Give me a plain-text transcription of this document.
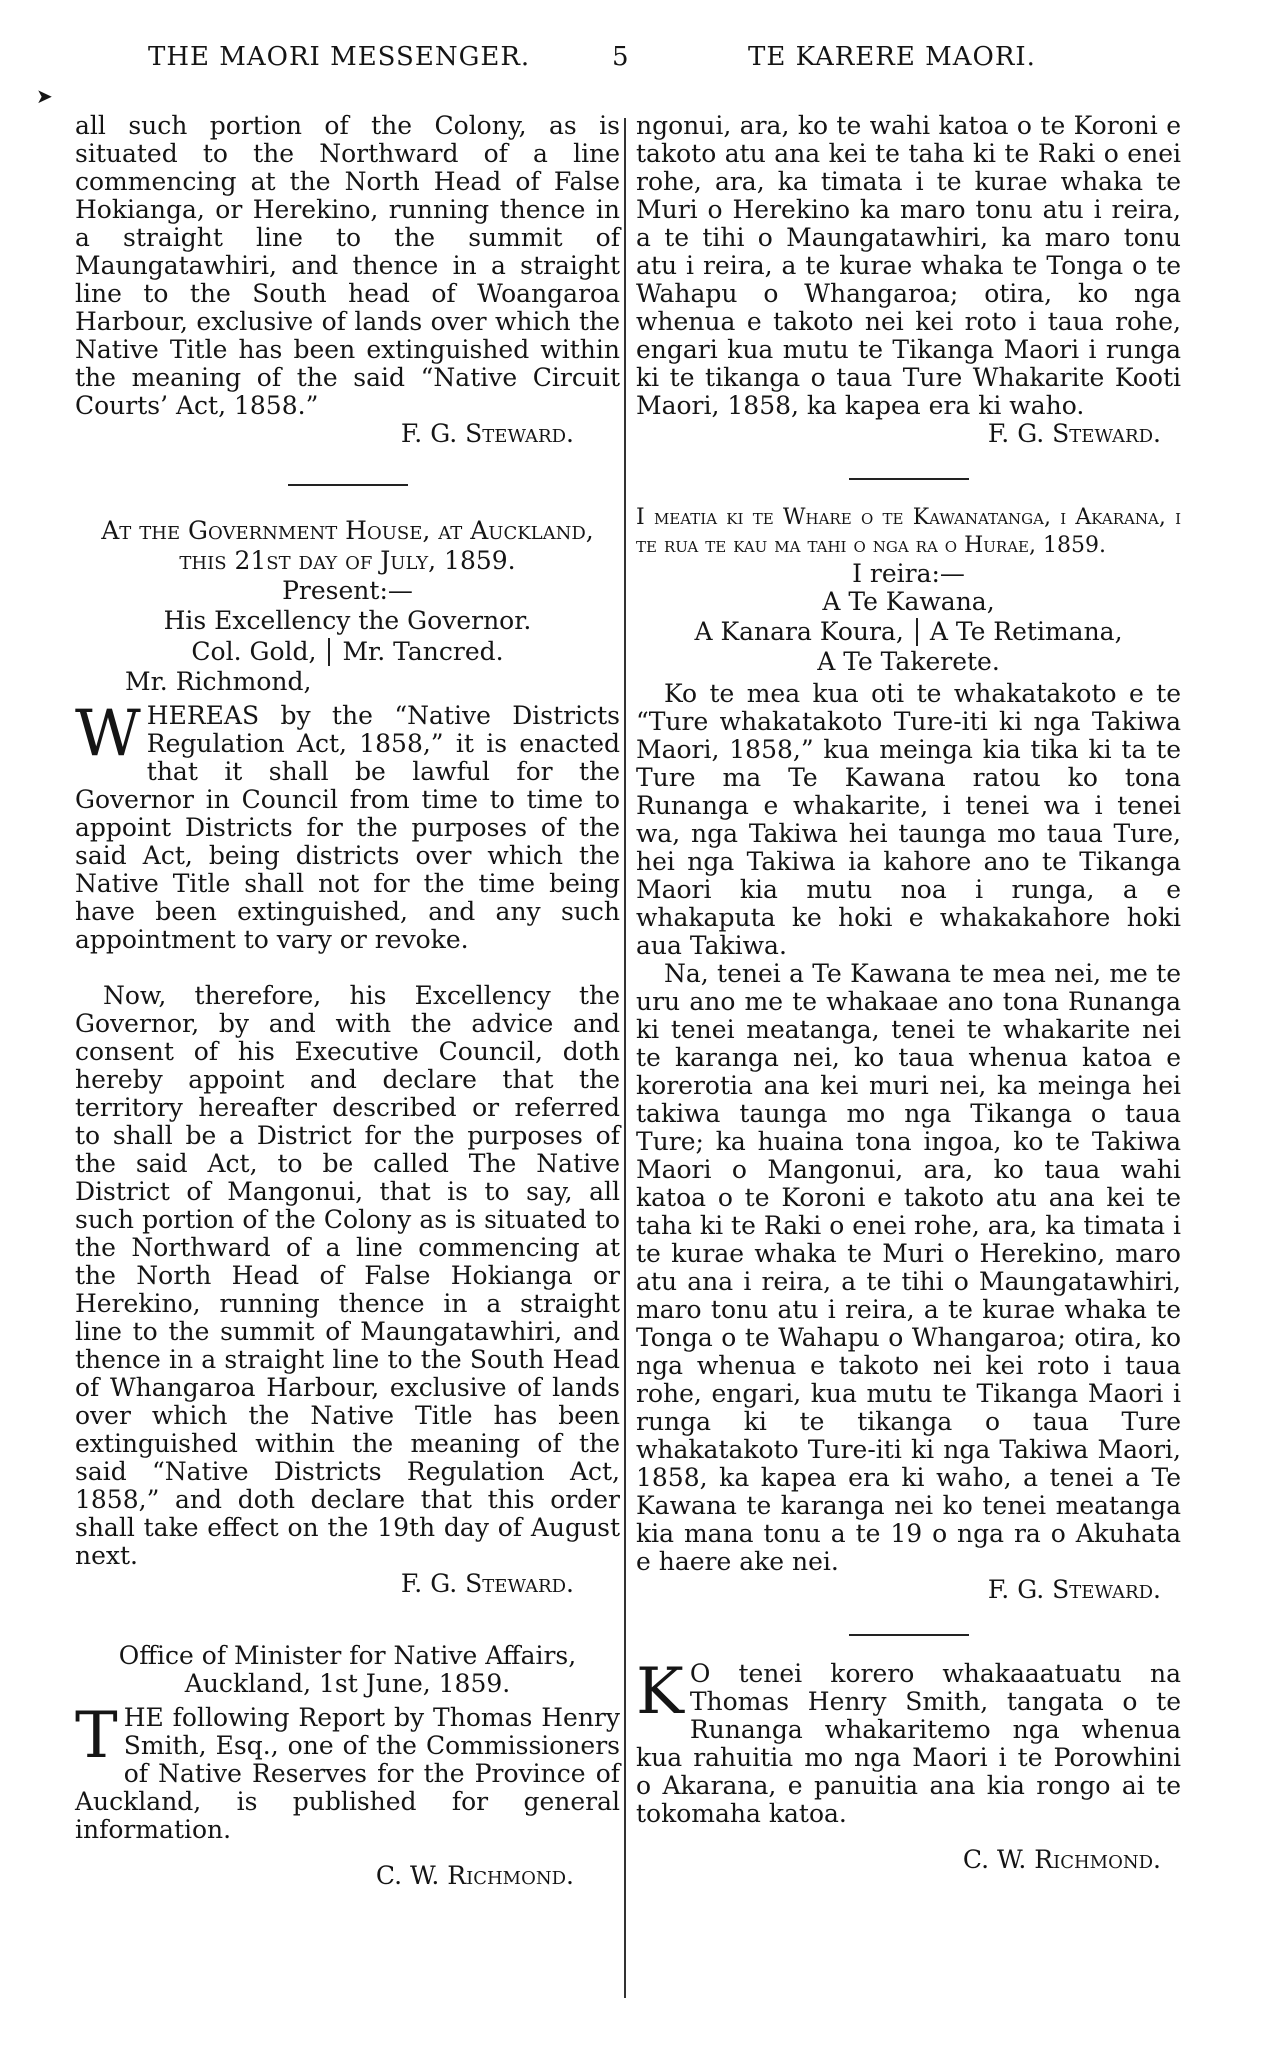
THE MAORI MESSENGER.	5	TE KARERE MAORI.
➤

all such portion of the Colony, as is situated to the Northward of a line commencing at the North Head of False Hokianga, or Herekino, running thence in a straight line to the summit of Maungatawhiri, and thence in a straight line to the South head of Woangaroa Harbour, exclusive of lands over which the Native Title has been extinguished within the meaning of the said “Native Circuit Courts’ Act, 1858.”

F. G. Steward.

At the Government House, at Auckland,
this 21st day of July, 1859.
Present:—
His Excellency the Governor.
Col. Gold,	Mr. Tancred.
Mr. Richmond,

WHEREAS by the “Native Districts Regulation Act, 1858,” it is enacted that it shall be lawful for the Governor in Council from time to time to appoint Districts for the purposes of the said Act, being districts over which the Native Title shall not for the time being have been extinguished, and any such appointment to vary or revoke.

Now, therefore, his Excellency the Governor, by and with the advice and consent of his Executive Council, doth hereby appoint and declare that the territory hereafter described or referred to shall be a District for the purposes of the said Act, to be called The Native District of Mangonui, that is to say, all such portion of the Colony as is situated to the Northward of a line commencing at the North Head of False Hokianga or Herekino, running thence in a straight line to the summit of Maungatawhiri, and thence in a straight line to the South Head of Whangaroa Harbour, exclusive of lands over which the Native Title has been extinguished within the meaning of the said “Native Districts Regulation Act, 1858,” and doth declare that this order shall take effect on the 19th day of August next.

F. G. Steward.

Office of Minister for Native Affairs,
Auckland, 1st June, 1859.

THE following Report by Thomas Henry Smith, Esq., one of the Commissioners of Native Reserves for the Province of Auckland, is published for general information.

C. W. Richmond.

ngonui, ara, ko te wahi katoa o te Koroni e takoto atu ana kei te taha ki te Raki o enei rohe, ara, ka timata i te kurae whaka te Muri o Herekino ka maro tonu atu i reira, a te tihi o Maungatawhiri, ka maro tonu atu i reira, a te kurae whaka te Tonga o te Wahapu o Whangaroa; otira, ko nga whenua e takoto nei kei roto i taua rohe, engari kua mutu te Tikanga Maori i runga ki te tikanga o taua Ture Whakarite Kooti Maori, 1858, ka kapea era ki waho.

F. G. Steward.

I meatia ki te Whare o te Kawanatanga, i Akarana, i te rua te kau ma tahi o nga ra o Hurae, 1859.

I reira:—
A Te Kawana,
A Kanara Koura,	A Te Retimana,
A Te Takerete.

Ko te mea kua oti te whakatakoto e te “Ture whakatakoto Ture-iti ki nga Takiwa Maori, 1858,” kua meinga kia tika ki ta te Ture ma Te Kawana ratou ko tona Runanga e whakarite, i tenei wa i tenei wa, nga Takiwa hei taunga mo taua Ture, hei nga Takiwa ia kahore ano te Tikanga Maori kia mutu noa i runga, a e whakaputa ke hoki e whakakahore hoki aua Takiwa.

Na, tenei a Te Kawana te mea nei, me te uru ano me te whakaae ano tona Runanga ki tenei meatanga, tenei te whakarite nei te karanga nei, ko taua whenua katoa e korerotia ana kei muri nei, ka meinga hei takiwa taunga mo nga Tikanga o taua Ture; ka huaina tona ingoa, ko te Takiwa Maori o Mangonui, ara, ko taua wahi katoa o te Koroni e takoto atu ana kei te taha ki te Raki o enei rohe, ara, ka timata i te kurae whaka te Muri o Herekino, maro atu ana i reira, a te tihi o Maungatawhiri, maro tonu atu i reira, a te kurae whaka te Tonga o te Wahapu o Whangaroa; otira, ko nga whenua e takoto nei kei roto i taua rohe, engari, kua mutu te Tikanga Maori i runga ki te tikanga o taua Ture whakatakoto Ture-iti ki nga Takiwa Maori, 1858, ka kapea era ki waho, a tenei a Te Kawana te karanga nei ko tenei meatanga kia mana tonu a te 19 o nga ra o Akuhata e haere ake nei.

F. G. Steward.

K O tenei korero whakaaatuatu na Thomas Henry Smith, tangata o te Runanga whakaritemo nga whenua kua rahuitia mo nga Maori i te Porowhini o Akarana, e panuitia ana kia rongo ai te tokomaha katoa.

C. W. Richmond.
